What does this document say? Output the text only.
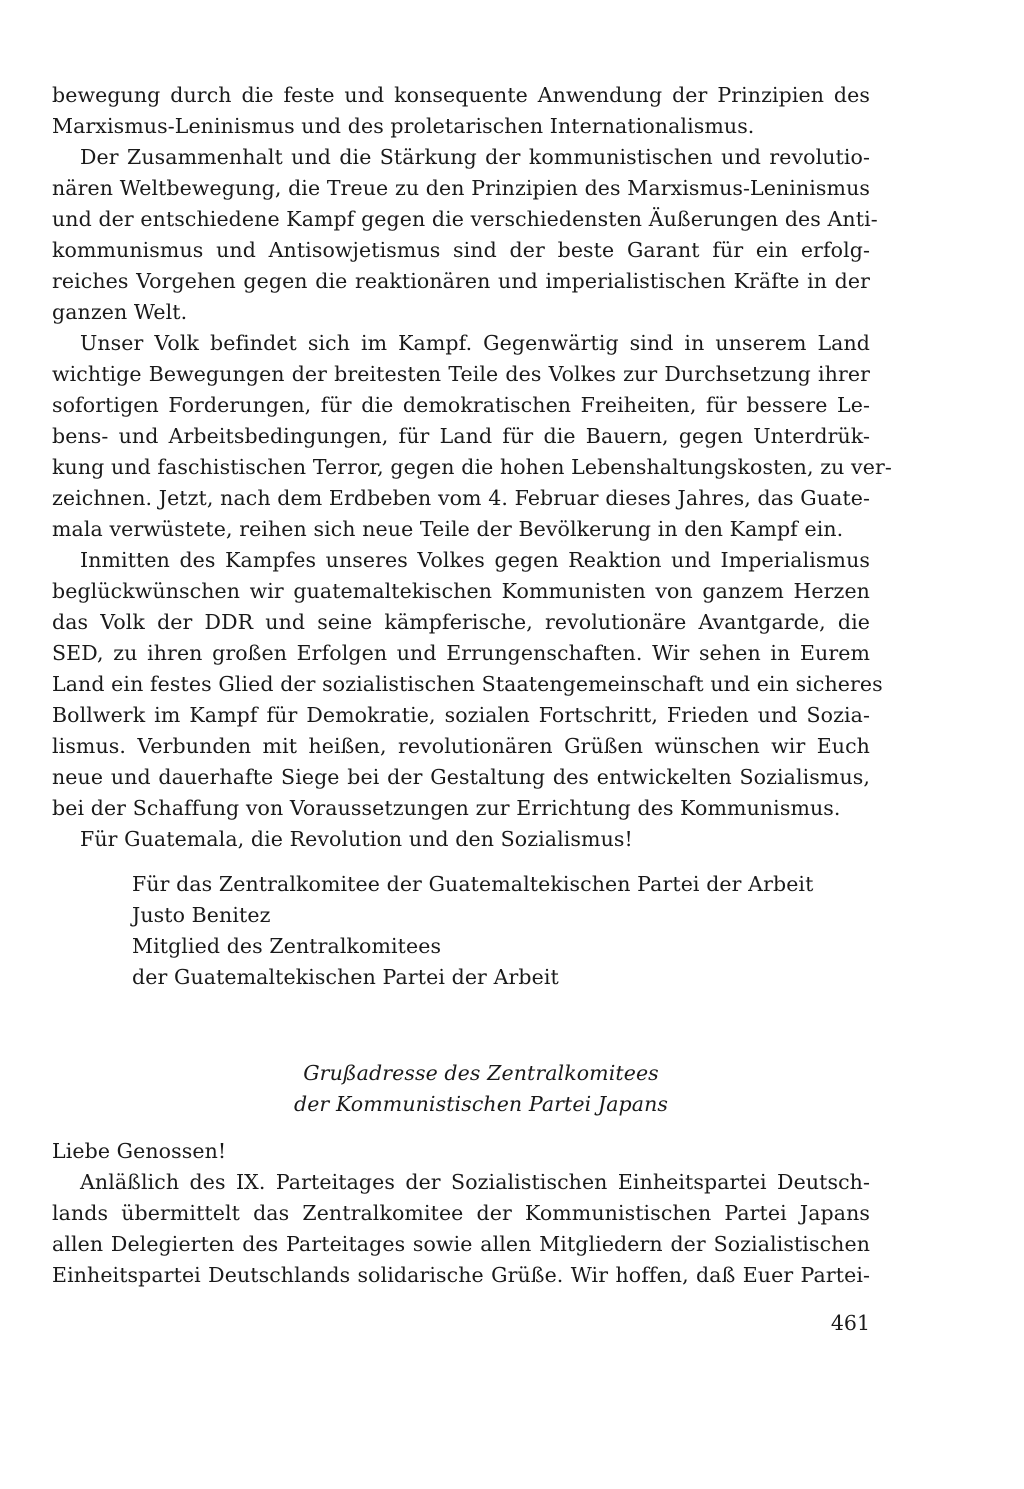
bewegung durch die feste und konsequente Anwendung der Prinzipien des
Marxismus-Leninismus und des proletarischen Internationalismus.
Der Zusammenhalt und die Stärkung der kommunistischen und revolutio-
nären Weltbewegung, die Treue zu den Prinzipien des Marxismus-Leninismus
und der entschiedene Kampf gegen die verschiedensten Äußerungen des Anti-
kommunismus und Antisowjetismus sind der beste Garant für ein erfolg-
reiches Vorgehen gegen die reaktionären und imperialistischen Kräfte in der
ganzen Welt.
Unser Volk befindet sich im Kampf. Gegenwärtig sind in unserem Land
wichtige Bewegungen der breitesten Teile des Volkes zur Durchsetzung ihrer
sofortigen Forderungen, für die demokratischen Freiheiten, für bessere Le-
bens- und Arbeitsbedingungen, für Land für die Bauern, gegen Unterdrük-
kung und faschistischen Terror, gegen die hohen Lebenshaltungskosten, zu ver-
zeichnen. Jetzt, nach dem Erdbeben vom 4. Februar dieses Jahres, das Guate-
mala verwüstete, reihen sich neue Teile der Bevölkerung in den Kampf ein.
Inmitten des Kampfes unseres Volkes gegen Reaktion und Imperialismus
beglückwünschen wir guatemaltekischen Kommunisten von ganzem Herzen
das Volk der DDR und seine kämpferische, revolutionäre Avantgarde, die
SED, zu ihren großen Erfolgen und Errungenschaften. Wir sehen in Eurem
Land ein festes Glied der sozialistischen Staatengemeinschaft und ein sicheres
Bollwerk im Kampf für Demokratie, sozialen Fortschritt, Frieden und Sozia-
lismus. Verbunden mit heißen, revolutionären Grüßen wünschen wir Euch
neue und dauerhafte Siege bei der Gestaltung des entwickelten Sozialismus,
bei der Schaffung von Voraussetzungen zur Errichtung des Kommunismus.
Für Guatemala, die Revolution und den Sozialismus!
Für das Zentralkomitee der Guatemaltekischen Partei der Arbeit
Justo Benitez
Mitglied des Zentralkomitees
der Guatemaltekischen Partei der Arbeit
Grußadresse des Zentralkomitees
der Kommunistischen Partei Japans
Liebe Genossen!
Anläßlich des IX. Parteitages der Sozialistischen Einheitspartei Deutsch-
lands übermittelt das Zentralkomitee der Kommunistischen Partei Japans
allen Delegierten des Parteitages sowie allen Mitgliedern der Sozialistischen
Einheitspartei Deutschlands solidarische Grüße. Wir hoffen, daß Euer Partei-
461
